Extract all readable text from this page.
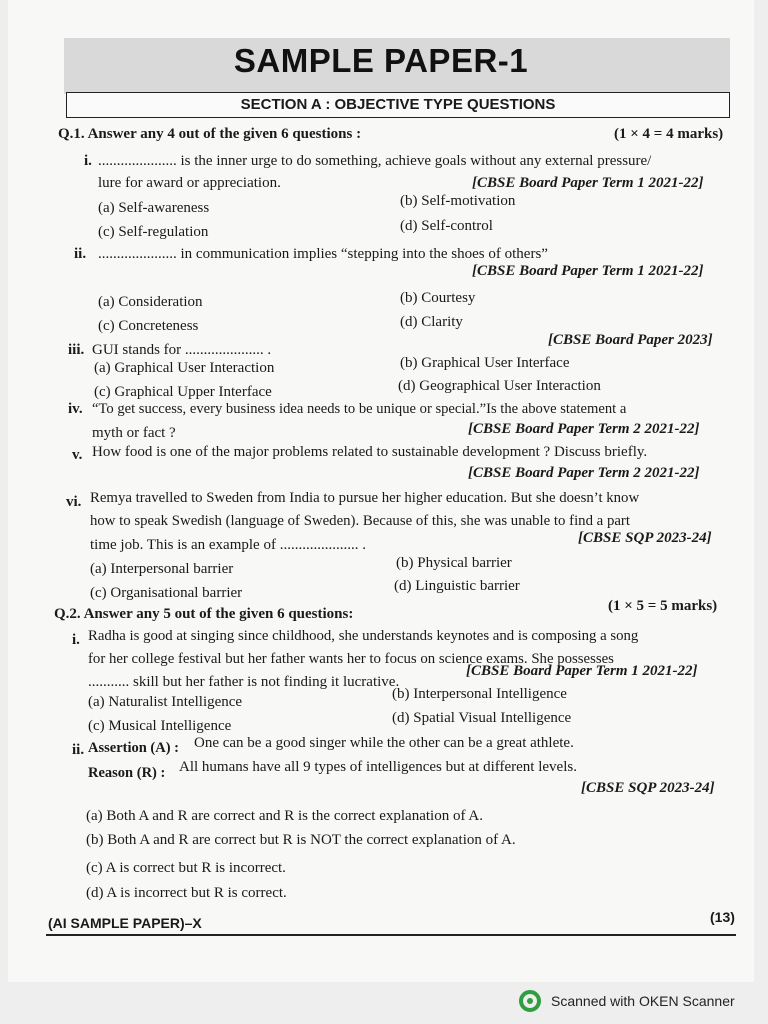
SAMPLE PAPER-1
SECTION A : OBJECTIVE TYPE QUESTIONS
Q.1. Answer any 4 out of the given 6 questions :	(1 × 4 = 4 marks)
i. ..................... is the inner urge to do something, achieve goals without any external pressure/
lure for award or appreciation.	[CBSE Board Paper Term 1 2021-22]
(a) Self-awareness	(b) Self-motivation
(c) Self-regulation	(d) Self-control
ii. ..................... in communication implies “stepping into the shoes of others”
[CBSE Board Paper Term 1 2021-22]
(a) Consideration	(b) Courtesy
(c) Concreteness	(d) Clarity
iii. GUI stands for ..................... .
[CBSE Board Paper 2023]
(a) Graphical User Interaction	(b) Graphical User Interface
(c) Graphical Upper Interface	(d) Geographical User Interaction
iv. “To get success, every business idea needs to be unique or special.”Is the above statement a
myth or fact ?	[CBSE Board Paper Term 2 2021-22]
v. How food is one of the major problems related to sustainable development ? Discuss briefly.
[CBSE Board Paper Term 2 2021-22]
vi. Remya travelled to Sweden from India to pursue her higher education. But she doesn’t know
how to speak Swedish (language of Sweden). Because of this, she was unable to find a part
time job. This is an example of ..................... .	[CBSE SQP 2023-24]
(a) Interpersonal barrier	(b) Physical barrier
(c) Organisational barrier	(d) Linguistic barrier
Q.2. Answer any 5 out of the given 6 questions:	(1 × 5 = 5 marks)
i. Radha is good at singing since childhood, she understands keynotes and is composing a song
for her college festival but her father wants her to focus on science exams. She possesses
........... skill but her father is not finding it lucrative.
[CBSE Board Paper Term 1 2021-22]
(a) Naturalist Intelligence	(b) Interpersonal Intelligence
(c) Musical Intelligence	(d) Spatial Visual Intelligence
ii. Assertion (A) : One can be a good singer while the other can be a great athlete.
Reason (R) : All humans have all 9 types of intelligences but at different levels.
[CBSE SQP 2023-24]
(a) Both A and R are correct and R is the correct explanation of A.
(b) Both A and R are correct but R is NOT the correct explanation of A.
(c) A is correct but R is incorrect.
(d) A is incorrect but R is correct.
(AI SAMPLE PAPER)–X	(13)
Scanned with OKEN Scanner
